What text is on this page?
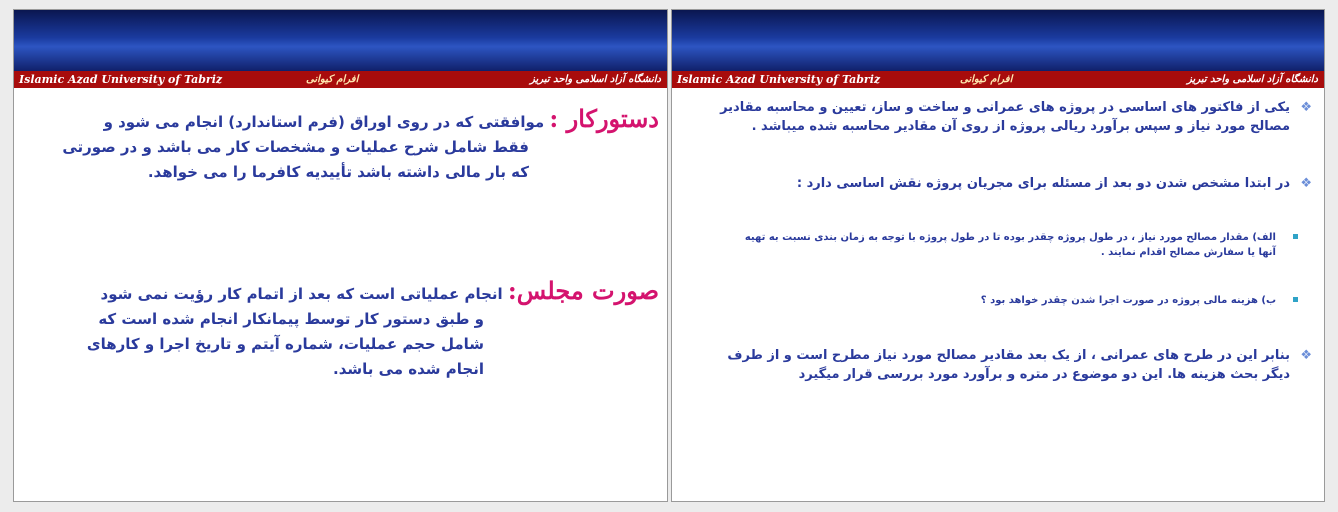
Islamic Azad University of Tabriz	افرام کیوانی	دانشگاه آزاد اسلامی واحد تبریز
دستورکار : موافقتی که در روی اوراق (فرم استاندارد) انجام می شود و
فقط شامل شرح عملیات و مشخصات کار می باشد و در صورتی که بار مالی داشته باشد تأییدیه کافرما را می خواهد.
صورت مجلس: انجام عملیاتی است که بعد از اتمام کار رؤیت نمی شود
و طبق دستور کار توسط پیمانکار انجام شده است که شامل حجم عملیات، شماره آیتم و تاریخ اجرا و کارهای انجام شده می باشد.
Islamic Azad University of Tabriz	افرام کیوانی	دانشگاه آزاد اسلامی واحد تبریز
❖
یکی از فاکتور های اساسی در پروژه های عمرانی و ساخت و ساز، تعیین و محاسبه مقادیر مصالح مورد نیاز و سپس برآورد ریالی پروژه از روی آن مقادیر محاسبه شده میباشد .
❖
در ابتدا مشخص شدن دو بعد از مسئله برای مجریان پروژه نقش اساسی دارد :
الف) مقدار مصالح مورد نیاز ، در طول پروژه چقدر بوده تا در طول پروژه با توجه به زمان بندی نسبت به تهیه آنها یا سفارش مصالح اقدام نمایند .
ب) هزینه مالی پروژه در صورت اجرا شدن چقدر خواهد بود ؟
❖
بنابر این در طرح های عمرانی ، از یک بعد مقادیر مصالح مورد نیاز مطرح است و از طرف دیگر بحث هزینه ها. این دو موضوع در متره و برآورد مورد بررسی قرار میگیرد
